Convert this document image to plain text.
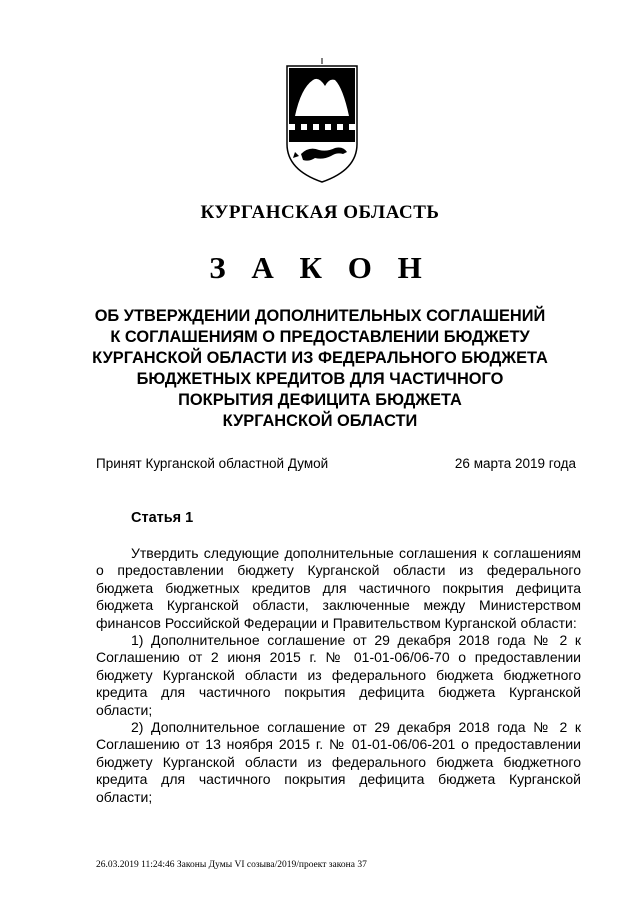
КУРГАНСКАЯ ОБЛАСТЬ
З А К О Н
ОБ УТВЕРЖДЕНИИ ДОПОЛНИТЕЛЬНЫХ СОГЛАШЕНИЙ
К СОГЛАШЕНИЯМ О ПРЕДОСТАВЛЕНИИ БЮДЖЕТУ
КУРГАНСКОЙ ОБЛАСТИ ИЗ ФЕДЕРАЛЬНОГО БЮДЖЕТА
БЮДЖЕТНЫХ КРЕДИТОВ ДЛЯ ЧАСТИЧНОГО
ПОКРЫТИЯ ДЕФИЦИТА БЮДЖЕТА
КУРГАНСКОЙ ОБЛАСТИ
Принят Курганской областной Думой	26 марта 2019 года
Статья 1

Утвердить следующие дополнительные соглашения к соглашениям о предоставлении бюджету Курганской области из федерального бюджета бюджетных кредитов для частичного покрытия дефицита бюджета Курганской области, заключенные между Министерством финансов Российской Федерации и Правительством Курганской области:

1) Дополнительное соглашение от 29 декабря 2018 года № 2 к Соглашению от 2 июня 2015 г. № 01-01-06/06-70 о предоставлении бюджету Курганской области из федерального бюджета бюджетного кредита для частичного покрытия дефицита бюджета Курганской области;

2) Дополнительное соглашение от 29 декабря 2018 года № 2 к Соглашению от 13 ноября 2015 г. № 01-01-06/06-201 о предоставлении бюджету Курганской области из федерального бюджета бюджетного кредита для частичного покрытия дефицита бюджета Курганской области;

26.03.2019 11:24:46 Законы Думы VI созыва/2019/проект закона 37
